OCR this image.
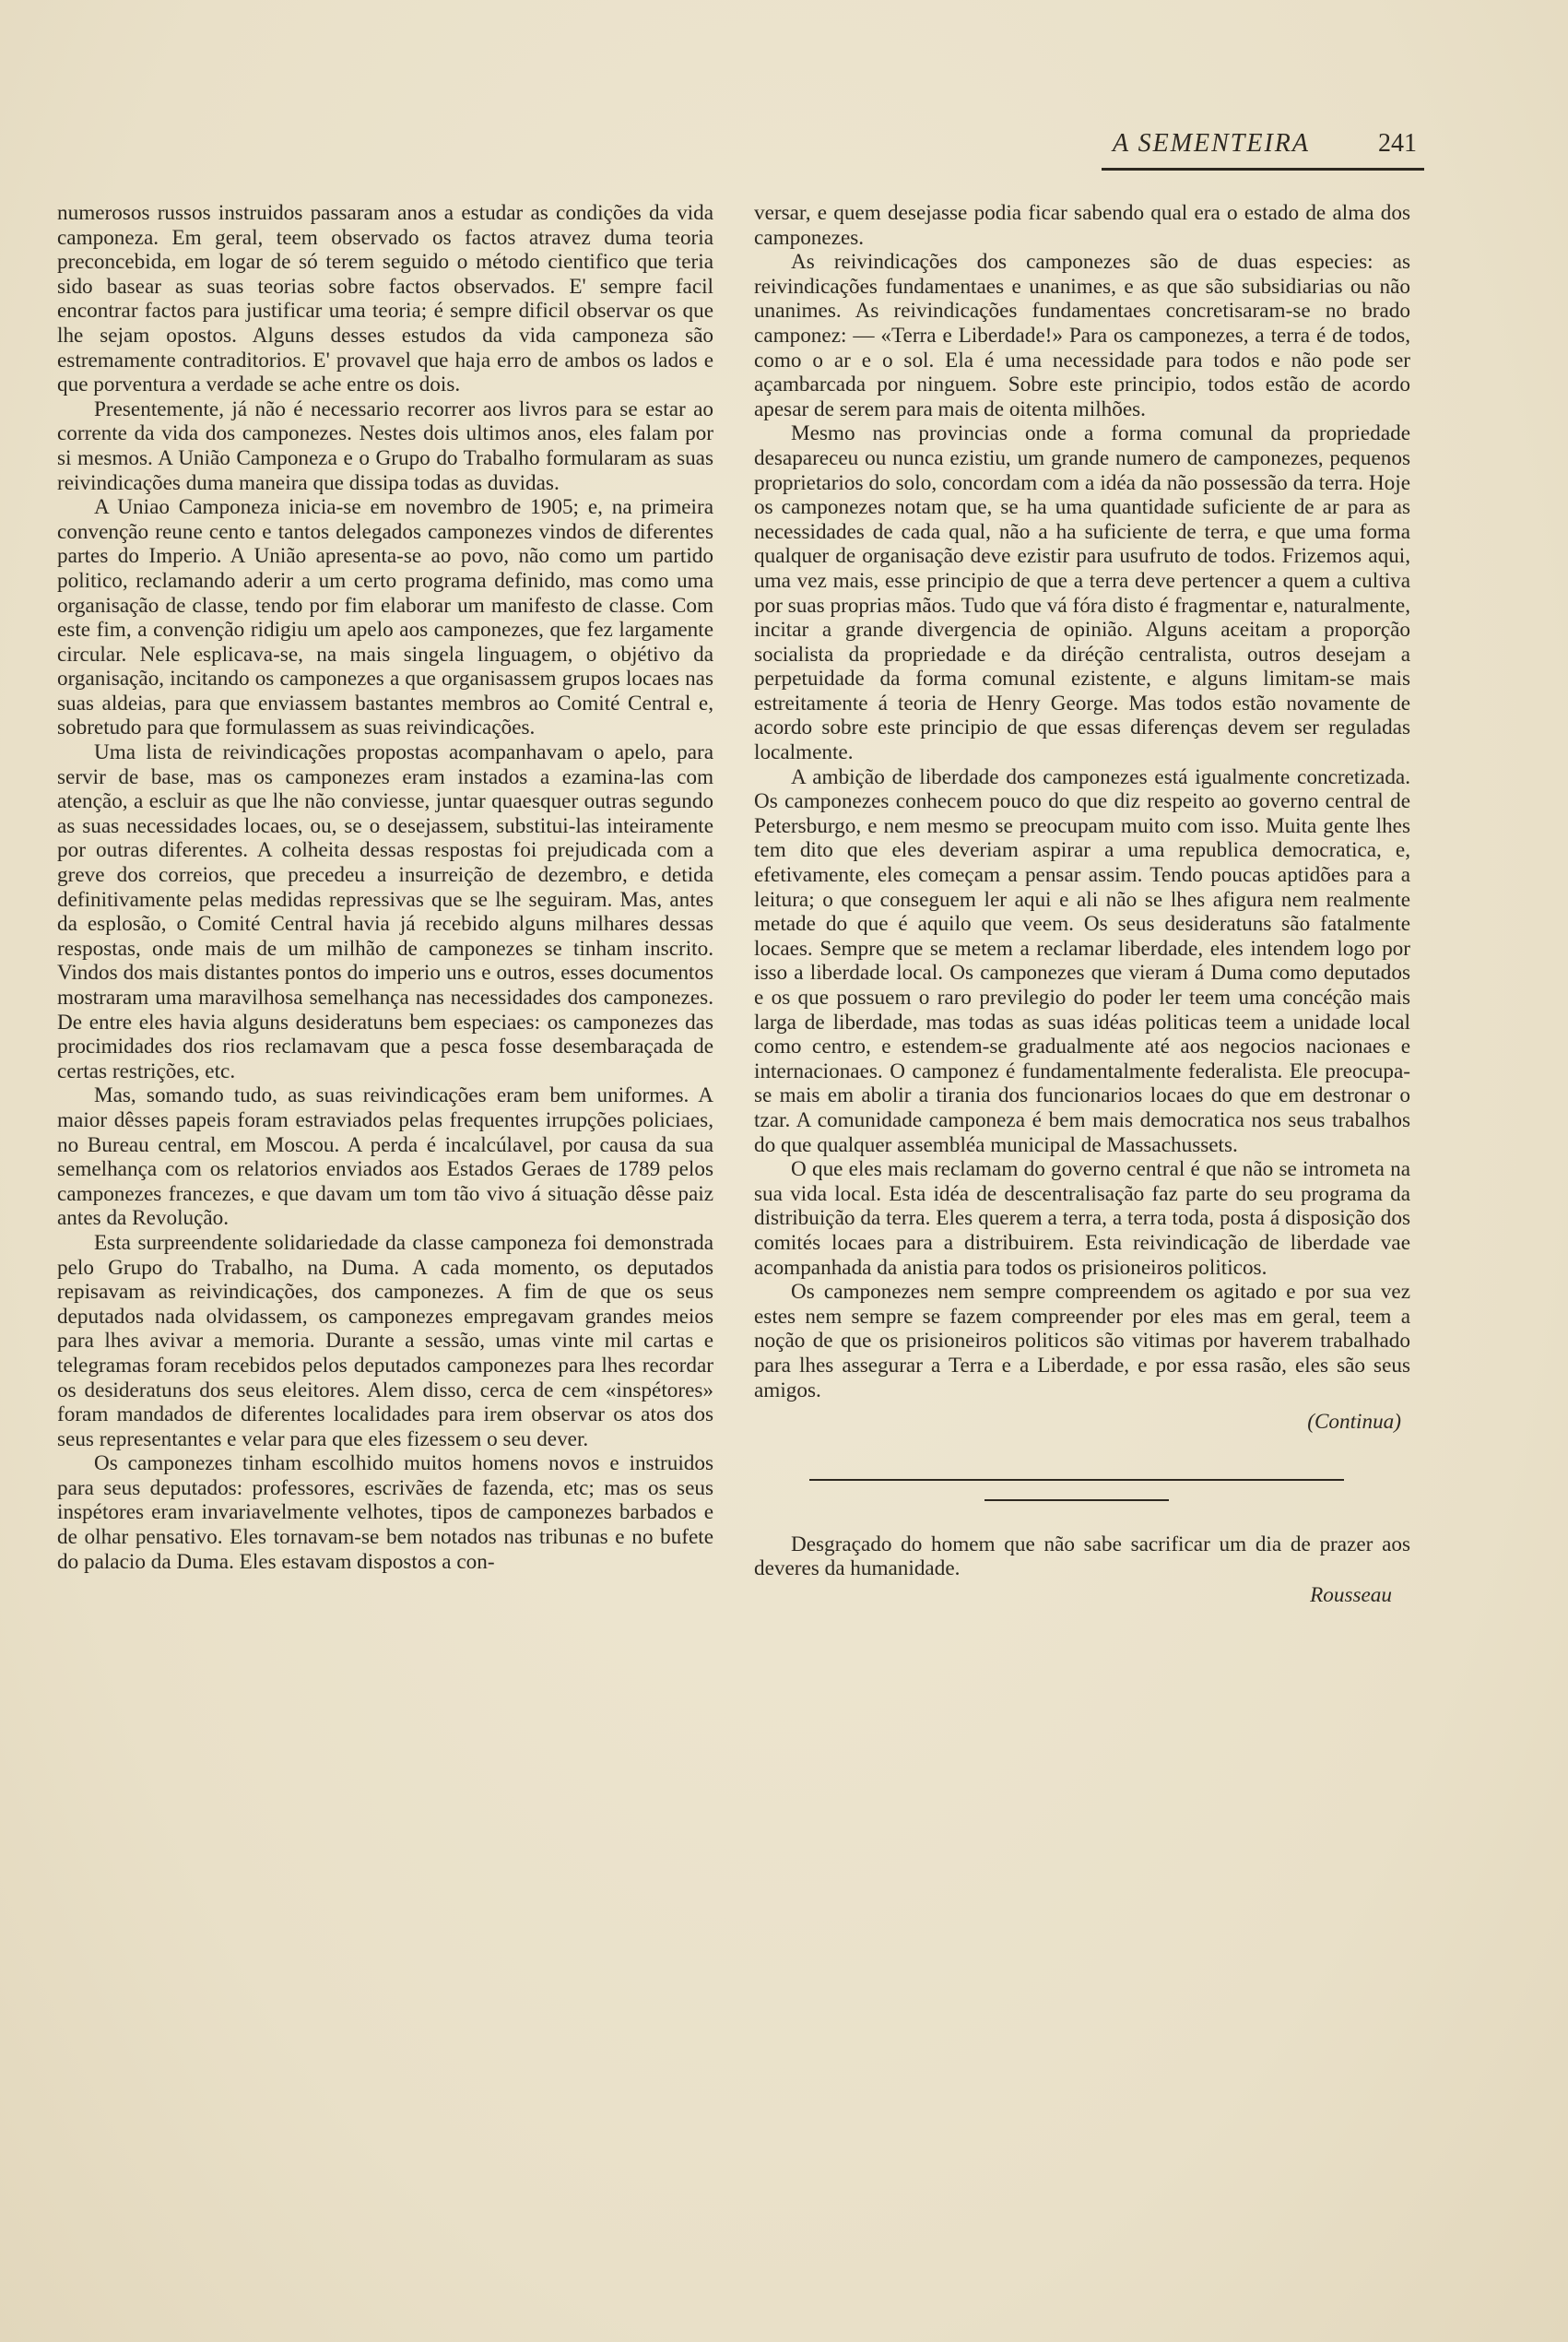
A SEMENTEIRA	241

numerosos russos instruidos passaram anos a estudar as condições da vida camponeza. Em geral, teem observado os factos atravez duma teoria preconcebida, em logar de só terem seguido o método cientifico que teria sido basear as suas teorias sobre factos observados. E' sempre facil encontrar factos para justificar uma teoria; é sempre dificil observar os que lhe sejam opostos. Alguns desses estudos da vida camponeza são estremamente contraditorios. E' provavel que haja erro de ambos os lados e que porventura a verdade se ache entre os dois.

Presentemente, já não é necessario recorrer aos livros para se estar ao corrente da vida dos camponezes. Nestes dois ultimos anos, eles falam por si mesmos. A União Camponeza e o Grupo do Trabalho formularam as suas reivindicações duma maneira que dissipa todas as duvidas.

A Uniao Camponeza inicia-se em novembro de 1905; e, na primeira convenção reune cento e tantos delegados camponezes vindos de diferentes partes do Imperio. A União apresenta-se ao povo, não como um partido politico, reclamando aderir a um certo programa definido, mas como uma organisação de classe, tendo por fim elaborar um manifesto de classe. Com este fim, a convenção ridigiu um apelo aos camponezes, que fez largamente circular. Nele esplicava-se, na mais singela linguagem, o objétivo da organisação, incitando os camponezes a que organisassem grupos locaes nas suas aldeias, para que enviassem bastantes membros ao Comité Central e, sobretudo para que formulassem as suas reivindicações.

Uma lista de reivindicações propostas acompanhavam o apelo, para servir de base, mas os camponezes eram instados a ezamina-las com atenção, a escluir as que lhe não conviesse, juntar quaesquer outras segundo as suas necessidades locaes, ou, se o desejassem, substitui-las inteiramente por outras diferentes. A colheita dessas respostas foi prejudicada com a greve dos correios, que precedeu a insurreição de dezembro, e detida definitivamente pelas medidas repressivas que se lhe seguiram. Mas, antes da esplosão, o Comité Central havia já recebido alguns milhares dessas respostas, onde mais de um milhão de camponezes se tinham inscrito. Vindos dos mais distantes pontos do imperio uns e outros, esses documentos mostraram uma maravilhosa semelhança nas necessidades dos camponezes. De entre eles havia alguns desideratuns bem especiaes: os camponezes das procimidades dos rios reclamavam que a pesca fosse desembaraçada de certas restrições, etc.

Mas, somando tudo, as suas reivindicações eram bem uniformes. A maior dêsses papeis foram estraviados pelas frequentes irrupções policiaes, no Bureau central, em Moscou. A perda é incalcúlavel, por causa da sua semelhança com os relatorios enviados aos Estados Geraes de 1789 pelos camponezes francezes, e que davam um tom tão vivo á situação dêsse paiz antes da Revolução.

Esta surpreendente solidariedade da classe camponeza foi demonstrada pelo Grupo do Trabalho, na Duma. A cada momento, os deputados repisavam as reivindicações, dos camponezes. A fim de que os seus deputados nada olvidassem, os camponezes empregavam grandes meios para lhes avivar a memoria. Durante a sessão, umas vinte mil cartas e telegramas foram recebidos pelos deputados camponezes para lhes recordar os desideratuns dos seus eleitores. Alem disso, cerca de cem «inspétores» foram mandados de diferentes localidades para irem observar os atos dos seus representantes e velar para que eles fizessem o seu dever.

Os camponezes tinham escolhido muitos homens novos e instruidos para seus deputados: professores, escrivães de fazenda, etc; mas os seus inspétores eram invariavelmente velhotes, tipos de camponezes barbados e de olhar pensativo. Eles tornavam-se bem notados nas tribunas e no bufete do palacio da Duma. Eles estavam dispostos a con-

versar, e quem desejasse podia ficar sabendo qual era o estado de alma dos camponezes.

As reivindicações dos camponezes são de duas especies: as reivindicações fundamentaes e unanimes, e as que são subsidiarias ou não unanimes. As reivindicações fundamentaes concretisaram-se no brado camponez: — «Terra e Liberdade!» Para os camponezes, a terra é de todos, como o ar e o sol. Ela é uma necessidade para todos e não pode ser açambarcada por ninguem. Sobre este principio, todos estão de acordo apesar de serem para mais de oitenta milhões.

Mesmo nas provincias onde a forma comunal da propriedade desapareceu ou nunca ezistiu, um grande numero de camponezes, pequenos proprietarios do solo, concordam com a idéa da não possessão da terra. Hoje os camponezes notam que, se ha uma quantidade suficiente de ar para as necessidades de cada qual, não a ha suficiente de terra, e que uma forma qualquer de organisação deve ezistir para usufruto de todos. Frizemos aqui, uma vez mais, esse principio de que a terra deve pertencer a quem a cultiva por suas proprias mãos. Tudo que vá fóra disto é fragmentar e, naturalmente, incitar a grande divergencia de opinião. Alguns aceitam a proporção socialista da propriedade e da diréção centralista, outros desejam a perpetuidade da forma comunal ezistente, e alguns limitam-se mais estreitamente á teoria de Henry George. Mas todos estão novamente de acordo sobre este principio de que essas diferenças devem ser reguladas localmente.

A ambição de liberdade dos camponezes está igualmente concretizada. Os camponezes conhecem pouco do que diz respeito ao governo central de Petersburgo, e nem mesmo se preocupam muito com isso. Muita gente lhes tem dito que eles deveriam aspirar a uma republica democratica, e, efetivamente, eles começam a pensar assim. Tendo poucas aptidões para a leitura; o que conseguem ler aqui e ali não se lhes afigura nem realmente metade do que é aquilo que veem. Os seus desideratuns são fatalmente locaes. Sempre que se metem a reclamar liberdade, eles intendem logo por isso a liberdade local. Os camponezes que vieram á Duma como deputados e os que possuem o raro previlegio do poder ler teem uma concéção mais larga de liberdade, mas todas as suas idéas politicas teem a unidade local como centro, e estendem-se gradualmente até aos negocios nacionaes e internacionaes. O camponez é fundamentalmente federalista. Ele preocupa-se mais em abolir a tirania dos funcionarios locaes do que em destronar o tzar. A comunidade camponeza é bem mais democratica nos seus trabalhos do que qualquer assembléa municipal de Massachussets.

O que eles mais reclamam do governo central é que não se intrometa na sua vida local. Esta idéa de descentralisação faz parte do seu programa da distribuição da terra. Eles querem a terra, a terra toda, posta á disposição dos comités locaes para a distribuirem. Esta reivindicação de liberdade vae acompanhada da anistia para todos os prisioneiros politicos.

Os camponezes nem sempre compreendem os agitado e por sua vez estes nem sempre se fazem compreender por eles mas em geral, teem a noção de que os prisioneiros politicos são vitimas por haverem trabalhado para lhes assegurar a Terra e a Liberdade, e por essa rasão, eles são seus amigos.

(Continua)

Desgraçado do homem que não sabe sacrificar um dia de prazer aos deveres da humanidade.

Rousseau
